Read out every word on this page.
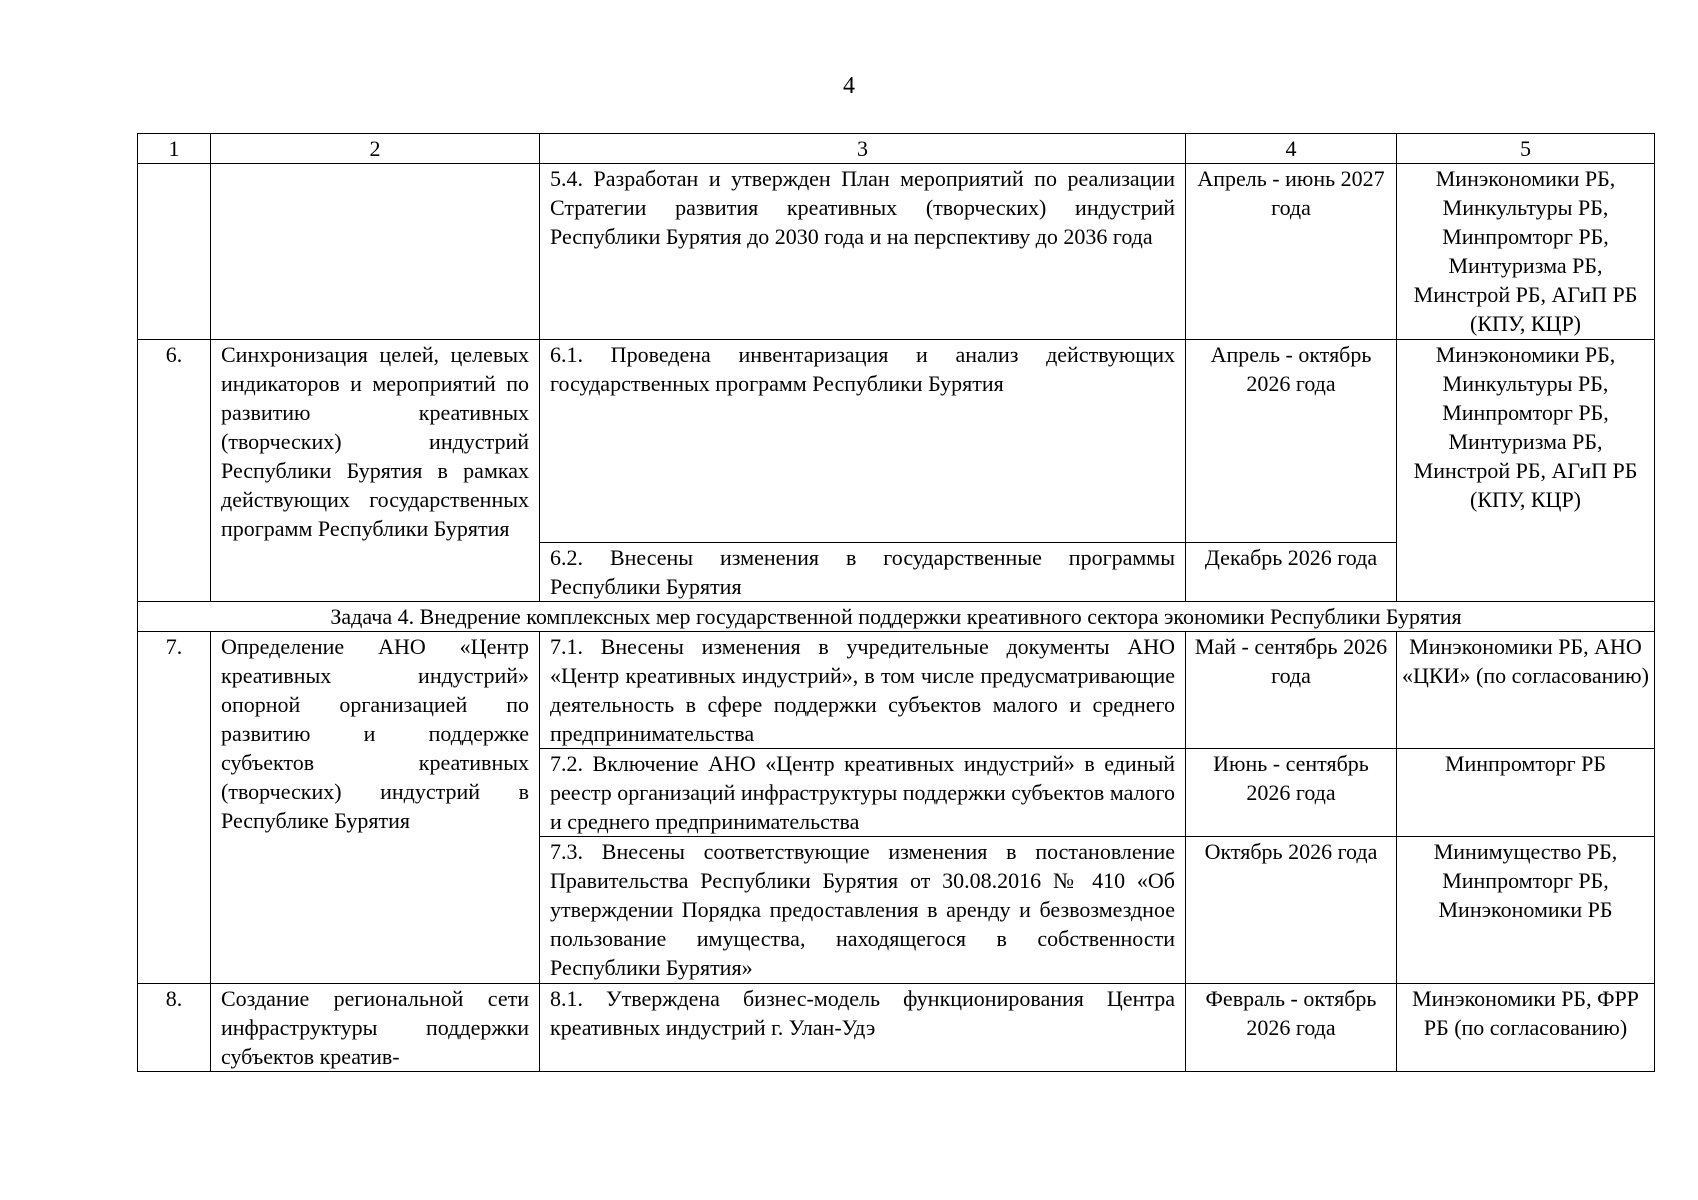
4
1	2	3	4	5
		5.4. Разработан и утвержден План мероприятий по реализации Стратегии развития креативных (творческих) индустрий Республики Бурятия до 2030 года и на перспективу до 2036 года	Апрель - июнь 2027 года	Минэкономики РБ, Минкультуры РБ, Минпромторг РБ, Минтуризма РБ, Минстрой РБ, АГиП РБ (КПУ, КЦР)
6.	Синхронизация целей, целевых индикаторов и мероприятий по развитию креативных (творческих) индустрий Республики Бурятия в рамках действующих государственных программ Республики Бурятия	6.1. Проведена инвентаризация и анализ действующих государственных программ Республики Бурятия	Апрель - октябрь 2026 года	Минэкономики РБ, Минкультуры РБ, Минпромторг РБ, Минтуризма РБ, Минстрой РБ, АГиП РБ (КПУ, КЦР)
		6.2. Внесены изменения в государственные программы Республики Бурятия	Декабрь 2026 года	
Задача 4. Внедрение комплексных мер государственной поддержки креативного сектора экономики Республики Бурятия				
7.	Определение АНО «Центр креативных индустрий» опорной организацией по развитию и поддержке субъектов креативных (творческих) индустрий в Республике Бурятия	7.1. Внесены изменения в учредительные документы АНО «Центр креативных индустрий», в том числе предусматривающие деятельность в сфере поддержки субъектов малого и среднего предпринимательства	Май - сентябрь 2026 года	Минэкономики РБ, АНО «ЦКИ» (по согласованию)
		7.2. Включение АНО «Центр креативных индустрий» в единый реестр организаций инфраструктуры поддержки субъектов малого и среднего предпринимательства	Июнь - сентябрь 2026 года	Минпромторг РБ
		7.3. Внесены соответствующие изменения в постановление Правительства Республики Бурятия от 30.08.2016 № 410 «Об утверждении Порядка предоставления в аренду и безвозмездное пользование имущества, находящегося в собственности Республики Бурятия»	Октябрь 2026 года	Минимущество РБ, Минпромторг РБ, Минэкономики РБ
8.	Создание региональной сети инфраструктуры поддержки субъектов креатив-	8.1. Утверждена бизнес-модель функционирования Центра креативных индустрий г. Улан-Удэ	Февраль - октябрь 2026 года	Минэкономики РБ, ФРР РБ (по согласованию)
